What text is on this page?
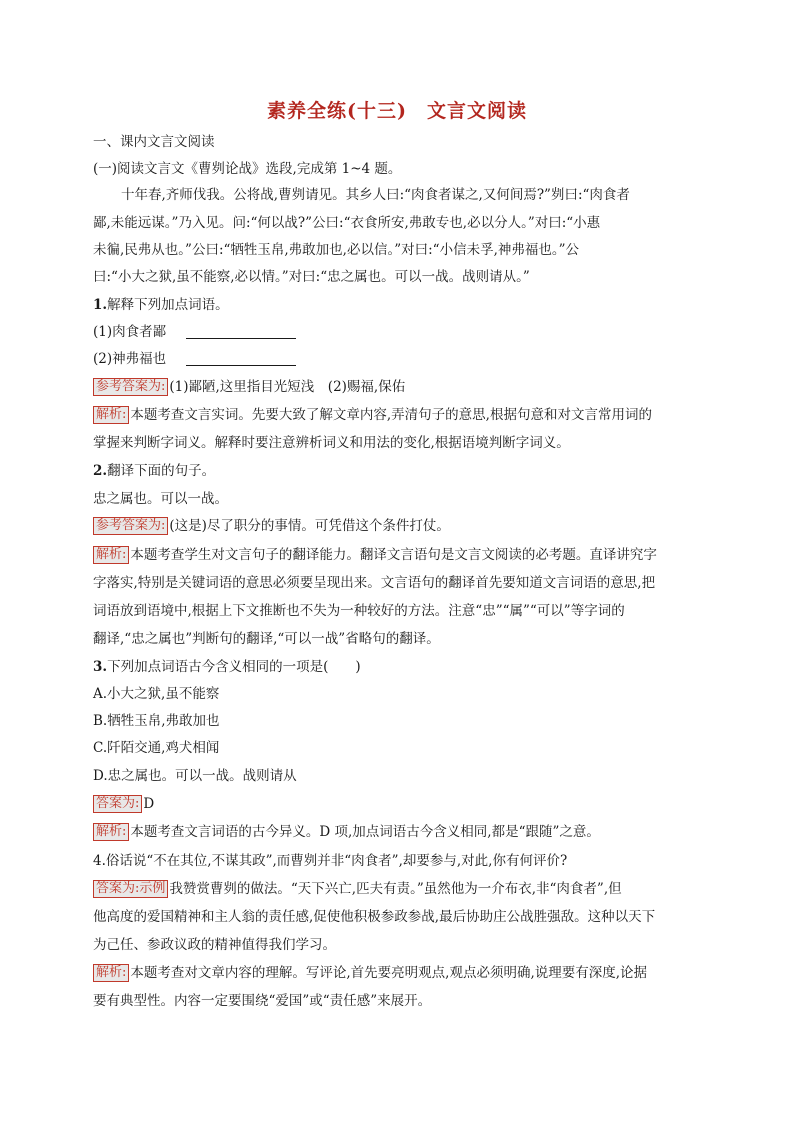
素养全练(十三)　文言文阅读
一、课内文言文阅读
(一)阅读文言文《曹刿论战》选段,完成第 1~4 题。
十年春,齐师伐我。公将战,曹刿请见。其乡人曰:“肉食者谋之,又何间焉?”刿曰:“肉食者
鄙,未能远谋。”乃入见。问:“何以战?”公曰:“衣食所安,弗敢专也,必以分人。”对曰:“小惠
未徧,民弗从也。”公曰:“牺牲玉帛,弗敢加也,必以信。”对曰:“小信未孚,神弗福也。”公
曰:“小大之狱,虽不能察,必以情。”对曰:“忠之属也。可以一战。战则请从。”
1.解释下列加点词语。
(1)肉食者鄙
(2)神弗福也
参考答案为: (1)鄙陋,这里指目光短浅　(2)赐福,保佑
解析: 本题考查文言实词。先要大致了解文章内容,弄清句子的意思,根据句意和对文言常用词的
掌握来判断字词义。解释时要注意辨析词义和用法的变化,根据语境判断字词义。
2.翻译下面的句子。
忠之属也。可以一战。
参考答案为: (这是)尽了职分的事情。可凭借这个条件打仗。
解析: 本题考查学生对文言句子的翻译能力。翻译文言语句是文言文阅读的必考题。直译讲究字
字落实,特别是关键词语的意思必须要呈现出来。文言语句的翻译首先要知道文言词语的意思,把
词语放到语境中,根据上下文推断也不失为一种较好的方法。注意“忠”“属”“可以”等字词的
翻译,“忠之属也”判断句的翻译,“可以一战”省略句的翻译。
3.下列加点词语古今含义相同的一项是(　　)
A.小大之狱,虽不能察
B.牺牲玉帛,弗敢加也
C.阡陌交通,鸡犬相闻
D.忠之属也。可以一战。战则请从
答案为: D
解析: 本题考查文言词语的古今异义。D 项,加点词语古今含义相同,都是“跟随”之意。
4.俗话说“不在其位,不谋其政”,而曹刿并非“肉食者”,却要参与,对此,你有何评价?
答案为:示例 我赞赏曹刿的做法。“天下兴亡,匹夫有责。”虽然他为一介布衣,非“肉食者”,但
他高度的爱国精神和主人翁的责任感,促使他积极参政参战,最后协助庄公战胜强敌。这种以天下
为己任、参政议政的精神值得我们学习。
解析: 本题考查对文章内容的理解。写评论,首先要亮明观点,观点必须明确,说理要有深度,论据
要有典型性。内容一定要围绕“爱国”或“责任感”来展开。
